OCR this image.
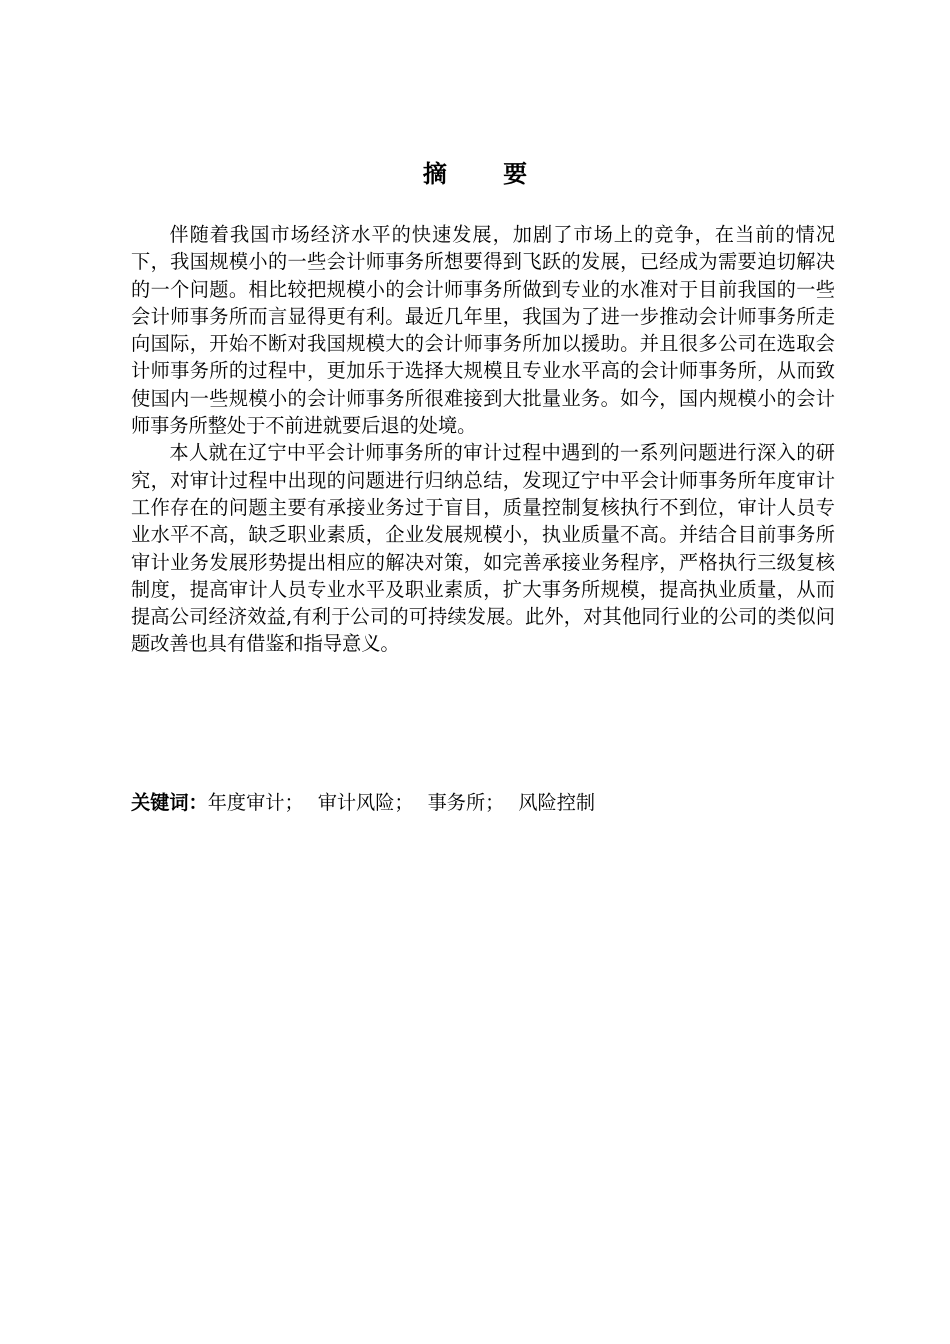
摘 要

伴随着我国市场经济水平的快速发展，加剧了市场上的竞争，在当前的情况下，我国规模小的一些会计师事务所想要得到飞跃的发展，已经成为需要迫切解决的一个问题。相比较把规模小的会计师事务所做到专业的水准对于目前我国的一些会计师事务所而言显得更有利。最近几年里，我国为了进一步推动会计师事务所走向国际，开始不断对我国规模大的会计师事务所加以援助。并且很多公司在选取会计师事务所的过程中，更加乐于选择大规模且专业水平高的会计师事务所，从而致使国内一些规模小的会计师事务所很难接到大批量业务。如今，国内规模小的会计师事务所整处于不前进就要后退的处境。

本人就在辽宁中平会计师事务所的审计过程中遇到的一系列问题进行深入的研究，对审计过程中出现的问题进行归纳总结，发现辽宁中平会计师事务所年度审计工作存在的问题主要有承接业务过于盲目，质量控制复核执行不到位，审计人员专业水平不高，缺乏职业素质，企业发展规模小，执业质量不高。并结合目前事务所审计业务发展形势提出相应的解决对策，如完善承接业务程序，严格执行三级复核制度，提高审计人员专业水平及职业素质，扩大事务所规模，提高执业质量，从而提高公司经济效益,有利于公司的可持续发展。此外，对其他同行业的公司的类似问题改善也具有借鉴和指导意义。

关键词：年度审计； 审计风险； 事务所； 风险控制
